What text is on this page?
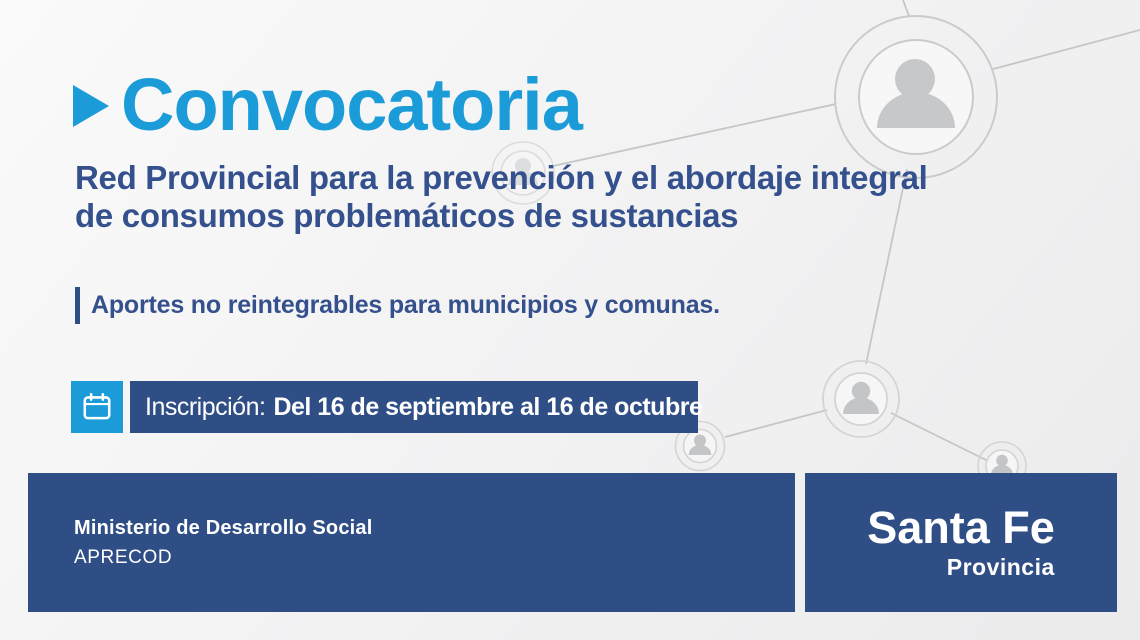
Convocatoria
Red Provincial para la prevención y el abordaje integral
de consumos problemáticos de sustancias
Aportes no reintegrables para municipios y comunas.
Inscripción: Del 16 de septiembre al 16 de octubre
Ministerio de Desarrollo Social
APRECOD
Santa Fe
Provincia
